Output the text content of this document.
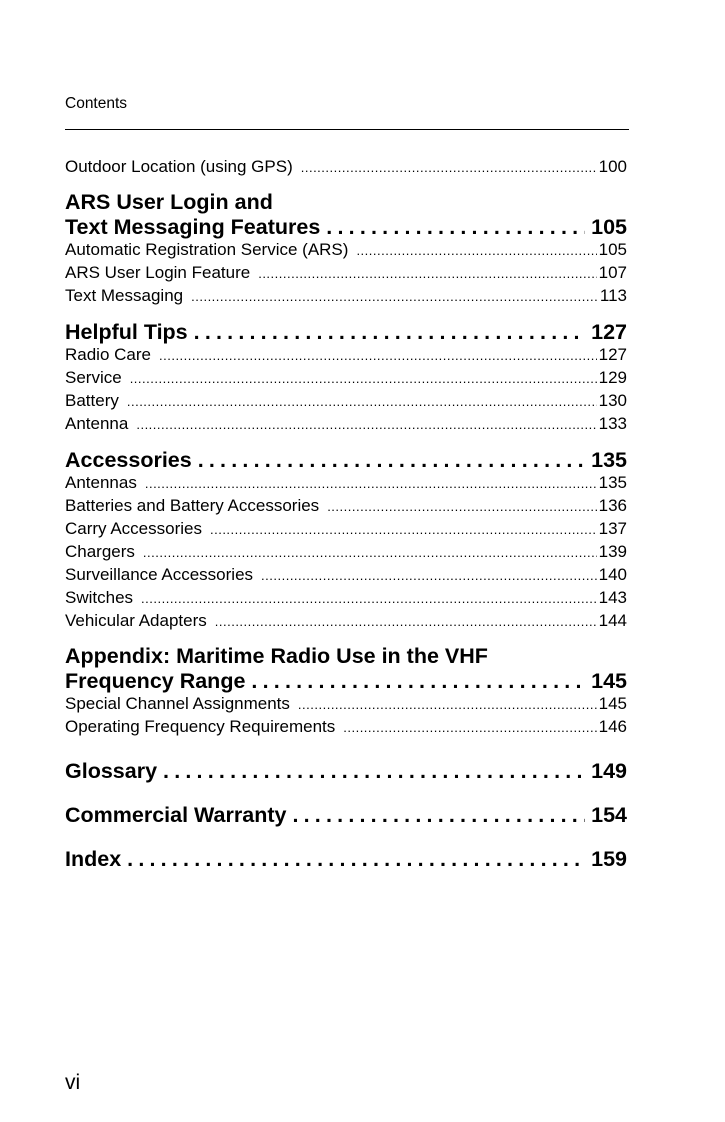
Contents
Outdoor Location (using GPS) .....	100
ARS User Login and
Text Messaging Features .....	105
Automatic Registration Service (ARS) .....	105
ARS User Login Feature .....	107
Text Messaging .....	113
Helpful Tips .....	127
Radio Care .....	127
Service .....	129
Battery .....	130
Antenna .....	133
Accessories .....	135
Antennas .....	135
Batteries and Battery Accessories .....	136
Carry Accessories .....	137
Chargers .....	139
Surveillance Accessories .....	140
Switches .....	143
Vehicular Adapters .....	144
Appendix: Maritime Radio Use in the VHF
Frequency Range .....	145
Special Channel Assignments .....	145
Operating Frequency Requirements .....	146
Glossary .....	149
Commercial Warranty .....	154
Index .....	159
vi
